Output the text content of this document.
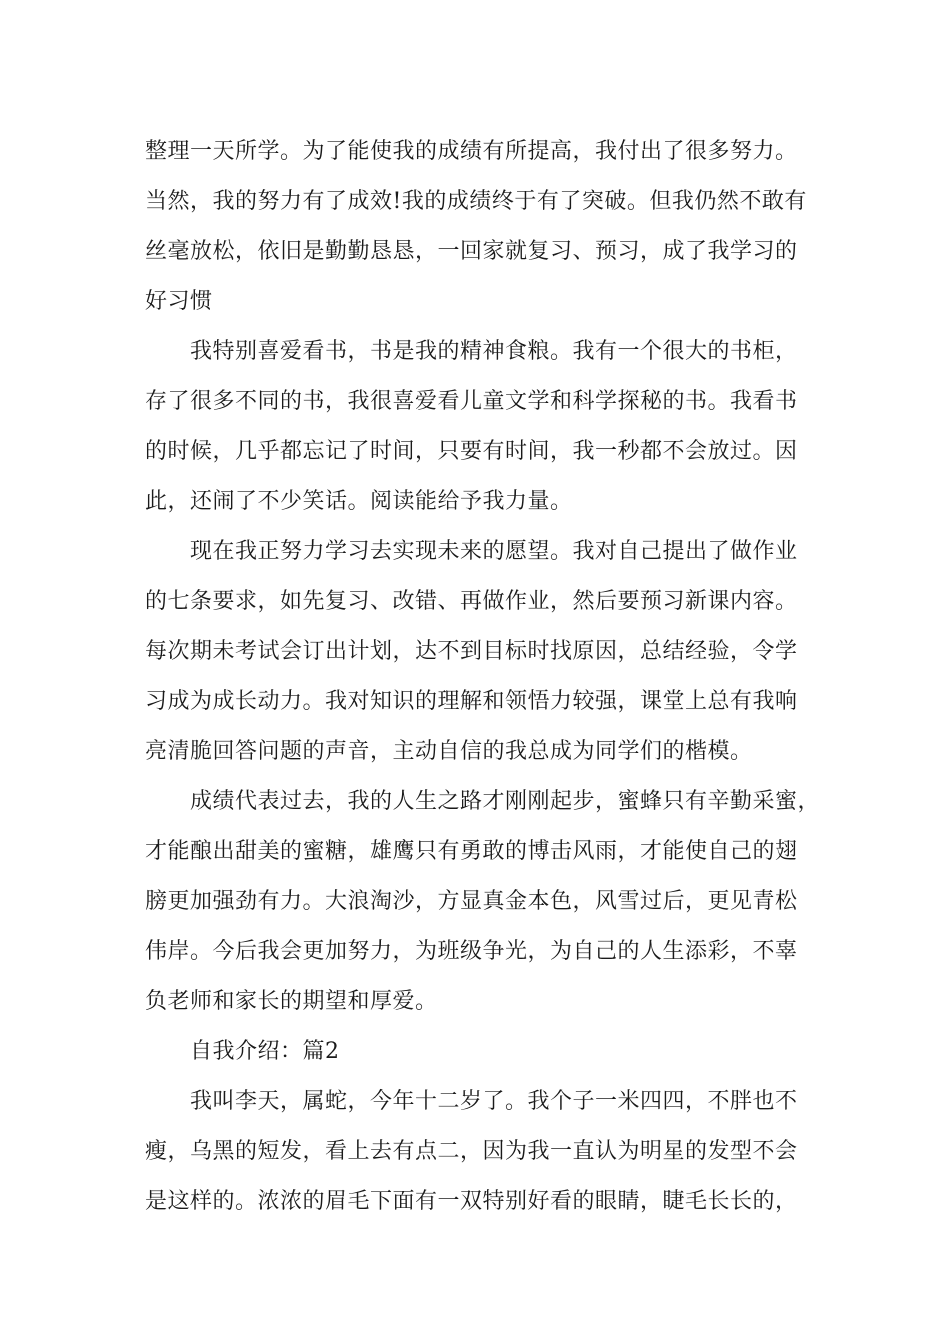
整理一天所学。为了能使我的成绩有所提高，我付出了很多努力。
当然，我的努力有了成效!我的成绩终于有了突破。但我仍然不敢有
丝毫放松，依旧是勤勤恳恳，一回家就复习、预习，成了我学习的
好习惯
我特别喜爱看书，书是我的精神食粮。我有一个很大的书柜，
存了很多不同的书，我很喜爱看儿童文学和科学探秘的书。我看书
的时候，几乎都忘记了时间，只要有时间，我一秒都不会放过。因
此，还闹了不少笑话。阅读能给予我力量。
现在我正努力学习去实现未来的愿望。我对自己提出了做作业
的七条要求，如先复习、改错、再做作业，然后要预习新课内容。
每次期未考试会订出计划，达不到目标时找原因，总结经验，令学
习成为成长动力。我对知识的理解和领悟力较强，课堂上总有我响
亮清脆回答问题的声音，主动自信的我总成为同学们的楷模。
成绩代表过去，我的人生之路才刚刚起步，蜜蜂只有辛勤采蜜，
才能酿出甜美的蜜糖，雄鹰只有勇敢的博击风雨，才能使自己的翅
膀更加强劲有力。大浪淘沙，方显真金本色，风雪过后，更见青松
伟岸。今后我会更加努力，为班级争光，为自己的人生添彩，不辜
负老师和家长的期望和厚爱。
自我介绍：篇2
我叫李天，属蛇，今年十二岁了。我个子一米四四，不胖也不
瘦，乌黑的短发，看上去有点二，因为我一直认为明星的发型不会
是这样的。浓浓的眉毛下面有一双特别好看的眼睛，睫毛长长的，
